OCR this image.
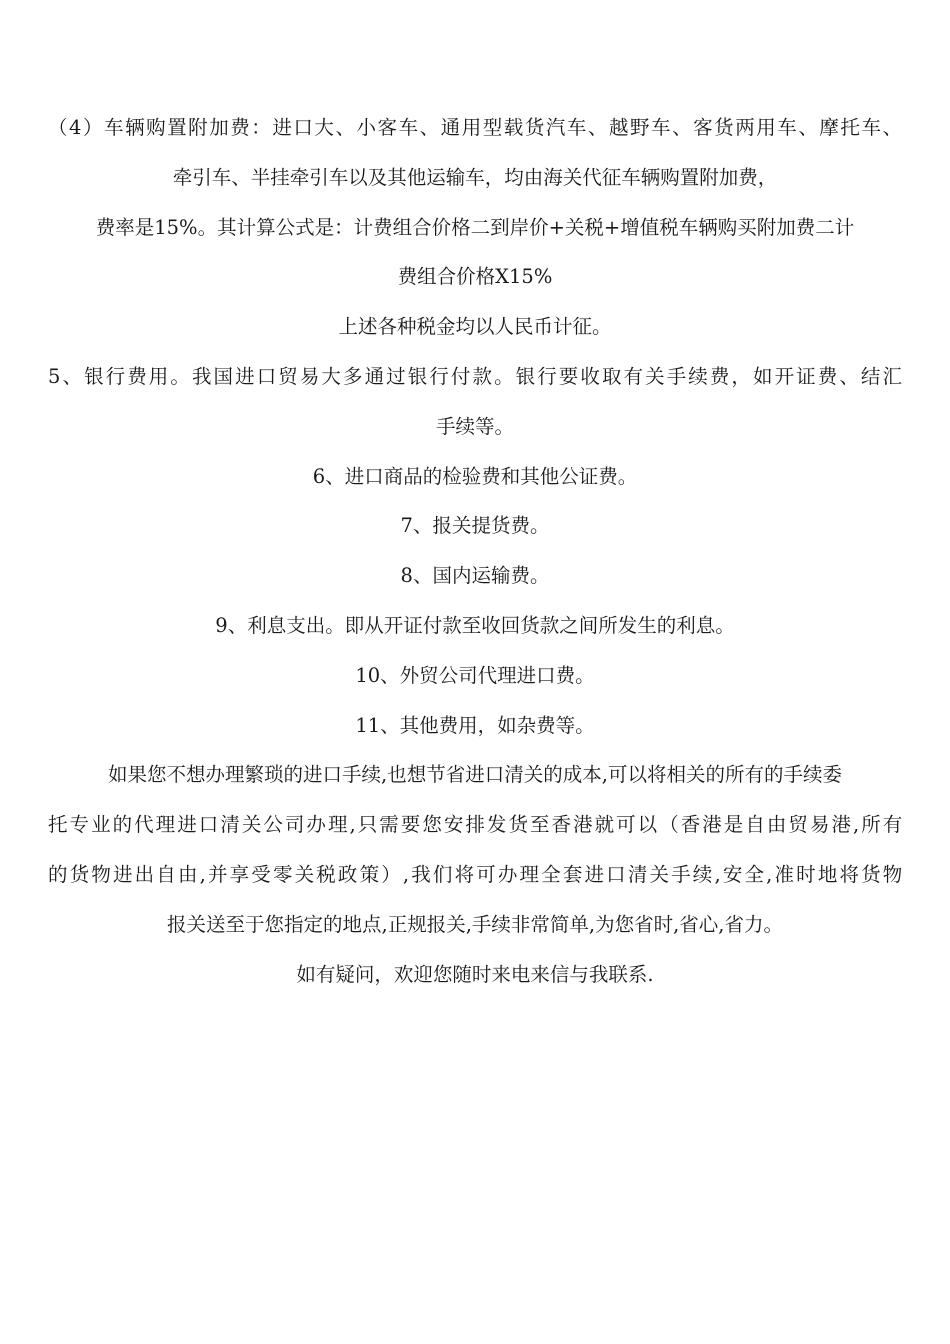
（4）车辆购置附加费：进口大、小客车、通用型载货汽车、越野车、客货两用车、摩托车、
牵引车、半挂牵引车以及其他运输车，均由海关代征车辆购置附加费，
费率是15%。其计算公式是：计费组合价格二到岸价+关税+增值税车辆购买附加费二计
费组合价格X15%
上述各种税金均以人民币计征。
5、银行费用。我国进口贸易大多通过银行付款。银行要收取有关手续费，如开证费、结汇
手续等。
6、进口商品的检验费和其他公证费。
7、报关提货费。
8、国内运输费。
9、利息支出。即从开证付款至收回货款之间所发生的利息。
10、外贸公司代理进口费。
11、其他费用，如杂费等。
如果您不想办理繁琐的进口手续,也想节省进口清关的成本,可以将相关的所有的手续委
托专业的代理进口清关公司办理,只需要您安排发货至香港就可以（香港是自由贸易港,所有
的货物进出自由,并享受零关税政策）,我们将可办理全套进口清关手续,安全,准时地将货物
报关送至于您指定的地点,正规报关,手续非常简单,为您省时,省心,省力。
如有疑问，欢迎您随时来电来信与我联系.
